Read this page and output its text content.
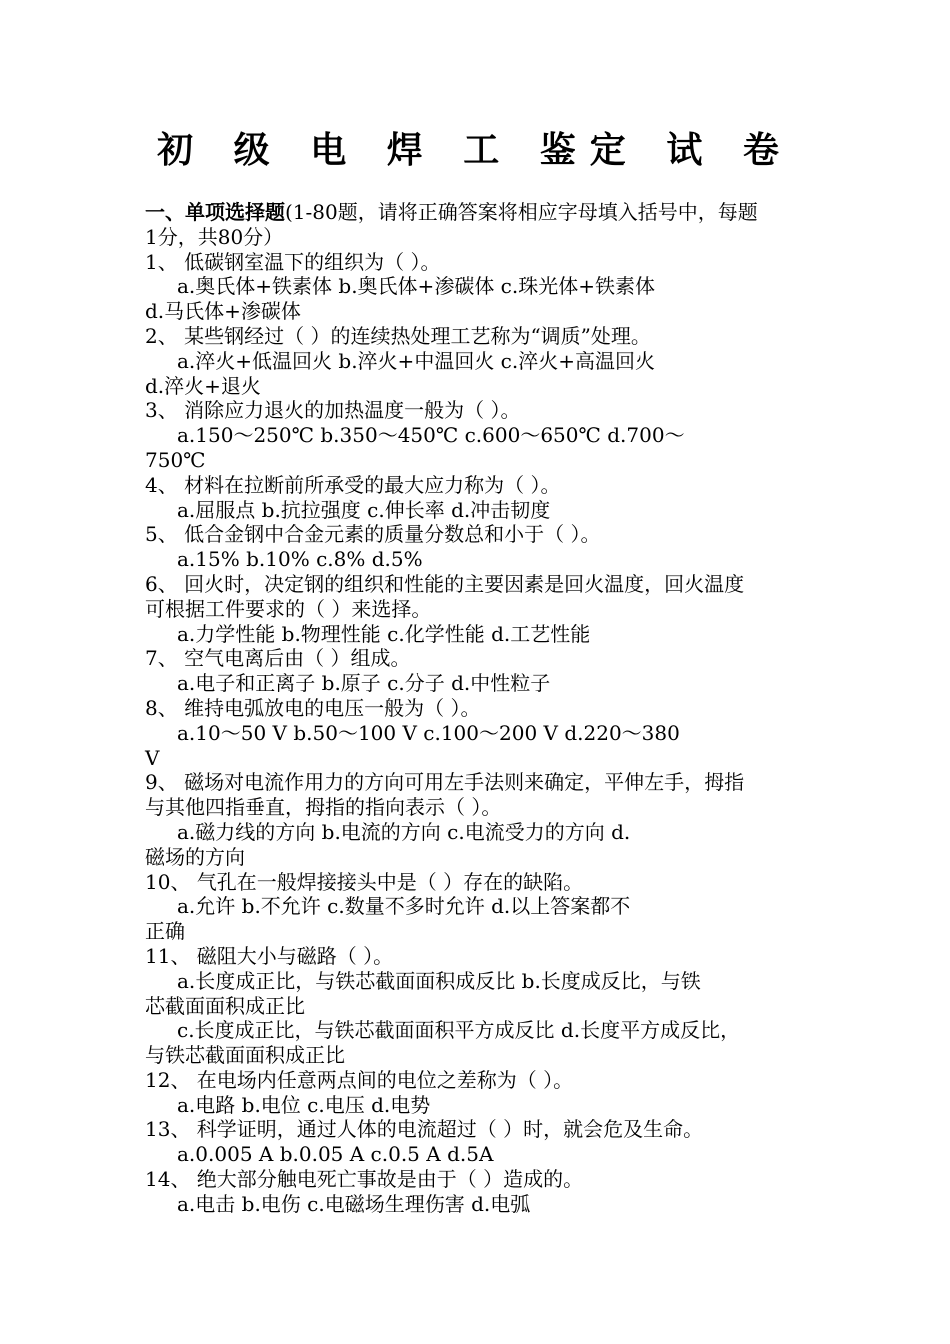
初 级 电 焊 工 鉴定 试 卷
一、单项选择题(1-80题，请将正确答案将相应字母填入括号中，每题
1分，共80分）
1、 低碳钢室温下的组织为（ ）。
a.奥氏体+铁素体 b.奥氏体+渗碳体 c.珠光体+铁素体
d.马氏体+渗碳体
2、 某些钢经过（ ）的连续热处理工艺称为“调质”处理。
a.淬火+低温回火 b.淬火+中温回火 c.淬火+高温回火
d.淬火+退火
3、 消除应力退火的加热温度一般为（ ）。
a.150～250℃ b.350～450℃ c.600～650℃ d.700～
750℃
4、 材料在拉断前所承受的最大应力称为（ ）。
a.屈服点 b.抗拉强度 c.伸长率 d.冲击韧度
5、 低合金钢中合金元素的质量分数总和小于（ ）。
a.15% b.10% c.8% d.5%
6、 回火时，决定钢的组织和性能的主要因素是回火温度，回火温度
可根据工件要求的（ ）来选择。
a.力学性能 b.物理性能 c.化学性能 d.工艺性能
7、 空气电离后由（ ）组成。
a.电子和正离子 b.原子 c.分子 d.中性粒子
8、 维持电弧放电的电压一般为（ ）。
a.10～50 V b.50～100 V c.100～200 V d.220～380
V
9、 磁场对电流作用力的方向可用左手法则来确定，平伸左手，拇指
与其他四指垂直，拇指的指向表示（ ）。
a.磁力线的方向 b.电流的方向 c.电流受力的方向 d.
磁场的方向
10、 气孔在一般焊接接头中是（ ）存在的缺陷。
a.允许 b.不允许 c.数量不多时允许 d.以上答案都不
正确
11、 磁阻大小与磁路（ ）。
a.长度成正比，与铁芯截面面积成反比 b.长度成反比，与铁
芯截面面积成正比
c.长度成正比，与铁芯截面面积平方成反比 d.长度平方成反比，
与铁芯截面面积成正比
12、 在电场内任意两点间的电位之差称为（ ）。
a.电路 b.电位 c.电压 d.电势
13、 科学证明，通过人体的电流超过（ ）时，就会危及生命。
a.0.005 A b.0.05 A c.0.5 A d.5A
14、 绝大部分触电死亡事故是由于（ ）造成的。
a.电击 b.电伤 c.电磁场生理伤害 d.电弧
